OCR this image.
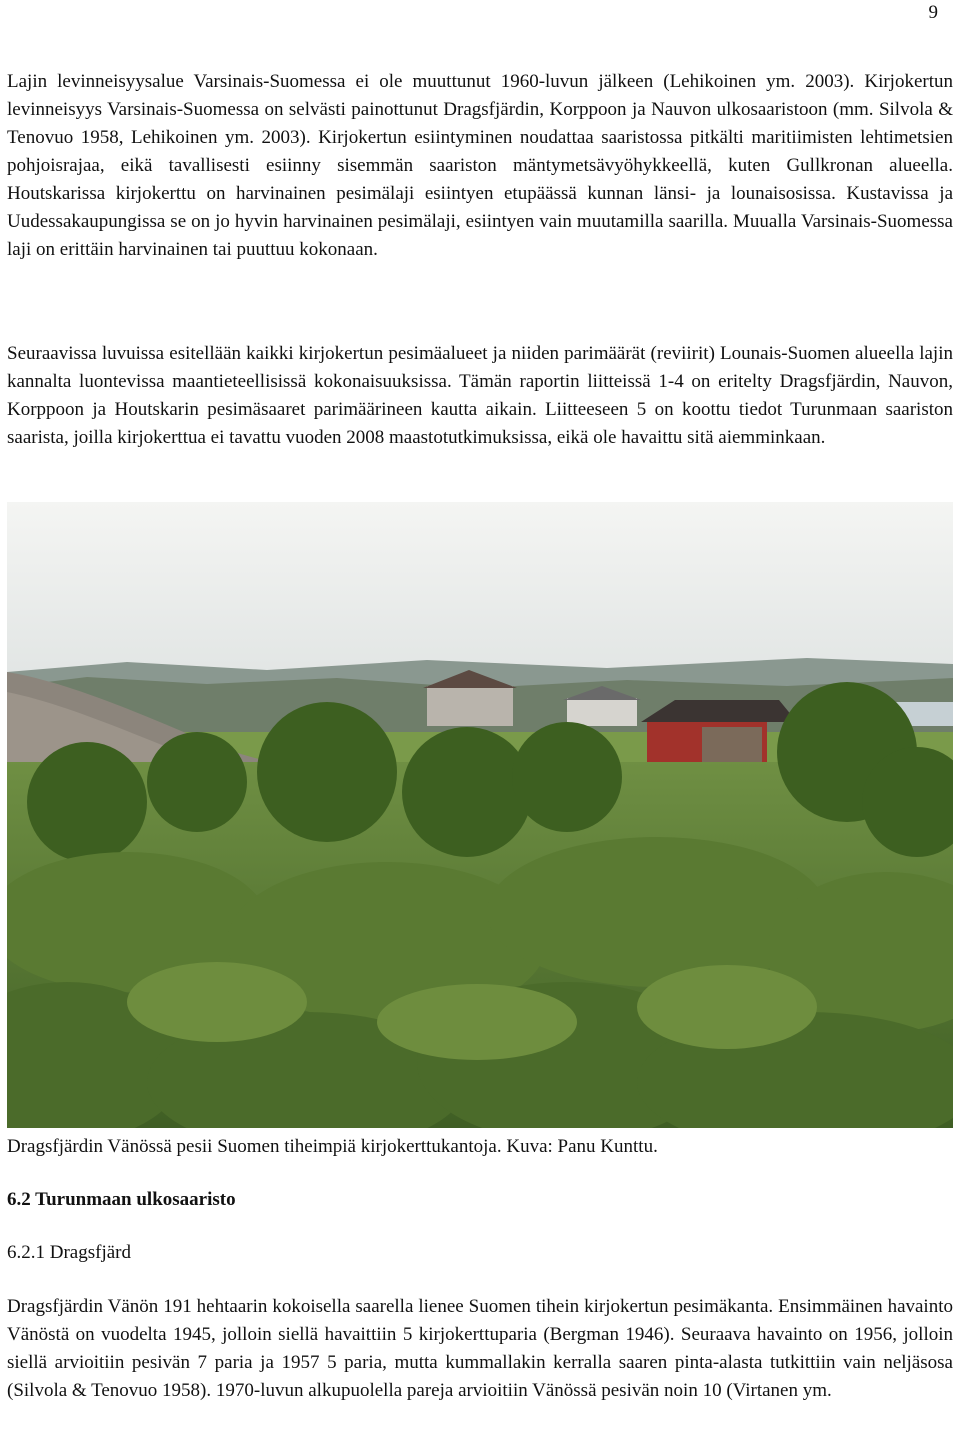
9

Lajin levinneisyysalue Varsinais-Suomessa ei ole muuttunut 1960-luvun jälkeen (Lehikoinen ym. 2003). Kirjokertun levinneisyys Varsinais-Suomessa on selvästi painottunut Dragsfjärdin, Korppoon ja Nauvon ulkosaaristoon (mm. Silvola & Tenovuo 1958, Lehikoinen ym. 2003). Kirjokertun esiintyminen noudattaa saaristossa pitkälti maritiimisten lehtimetsien pohjoisrajaa, eikä tavallisesti esiinny sisemmän saariston mäntymetsävyöhykkeellä, kuten Gullkronan alueella. Houtskarissa kirjokerttu on harvinainen pesimälaji esiintyen etupäässä kunnan länsi- ja lounaisosissa. Kustavissa ja Uudessakaupungissa se on jo hyvin harvinainen pesimälaji, esiintyen vain muutamilla saarilla. Muualla Varsinais-Suomessa laji on erittäin harvinainen tai puuttuu kokonaan.

Seuraavissa luvuissa esitellään kaikki kirjokertun pesimäalueet ja niiden parimäärät (reviirit) Lounais-Suomen alueella lajin kannalta luontevissa maantieteellisissä kokonaisuuksissa. Tämän raportin liitteissä 1-4 on eritelty Dragsfjärdin, Nauvon, Korppoon ja Houtskarin pesimäsaaret parimäärineen kautta aikain. Liitteeseen 5 on koottu tiedot Turunmaan saariston saarista, joilla kirjokerttua ei tavattu vuoden 2008 maastotutkimuksissa, eikä ole havaittu sitä aiemminkaan.

Dragsfjärdin Vänössä pesii Suomen tiheimpiä kirjokerttukantoja. Kuva: Panu Kunttu.

6.2 Turunmaan ulkosaaristo
6.2.1 Dragsfjärd

Dragsfjärdin Vänön 191 hehtaarin kokoisella saarella lienee Suomen tihein kirjokertun pesimäkanta. Ensimmäinen havainto Vänöstä on vuodelta 1945, jolloin siellä havaittiin 5 kirjokerttuparia (Bergman 1946). Seuraava havainto on 1956, jolloin siellä arvioitiin pesivän 7 paria ja 1957 5 paria, mutta kummallakin kerralla saaren pinta-alasta tutkittiin vain neljäsosa (Silvola & Tenovuo 1958). 1970-luvun alkupuolella pareja arvioitiin Vänössä pesivän noin 10 (Virtanen ym.
